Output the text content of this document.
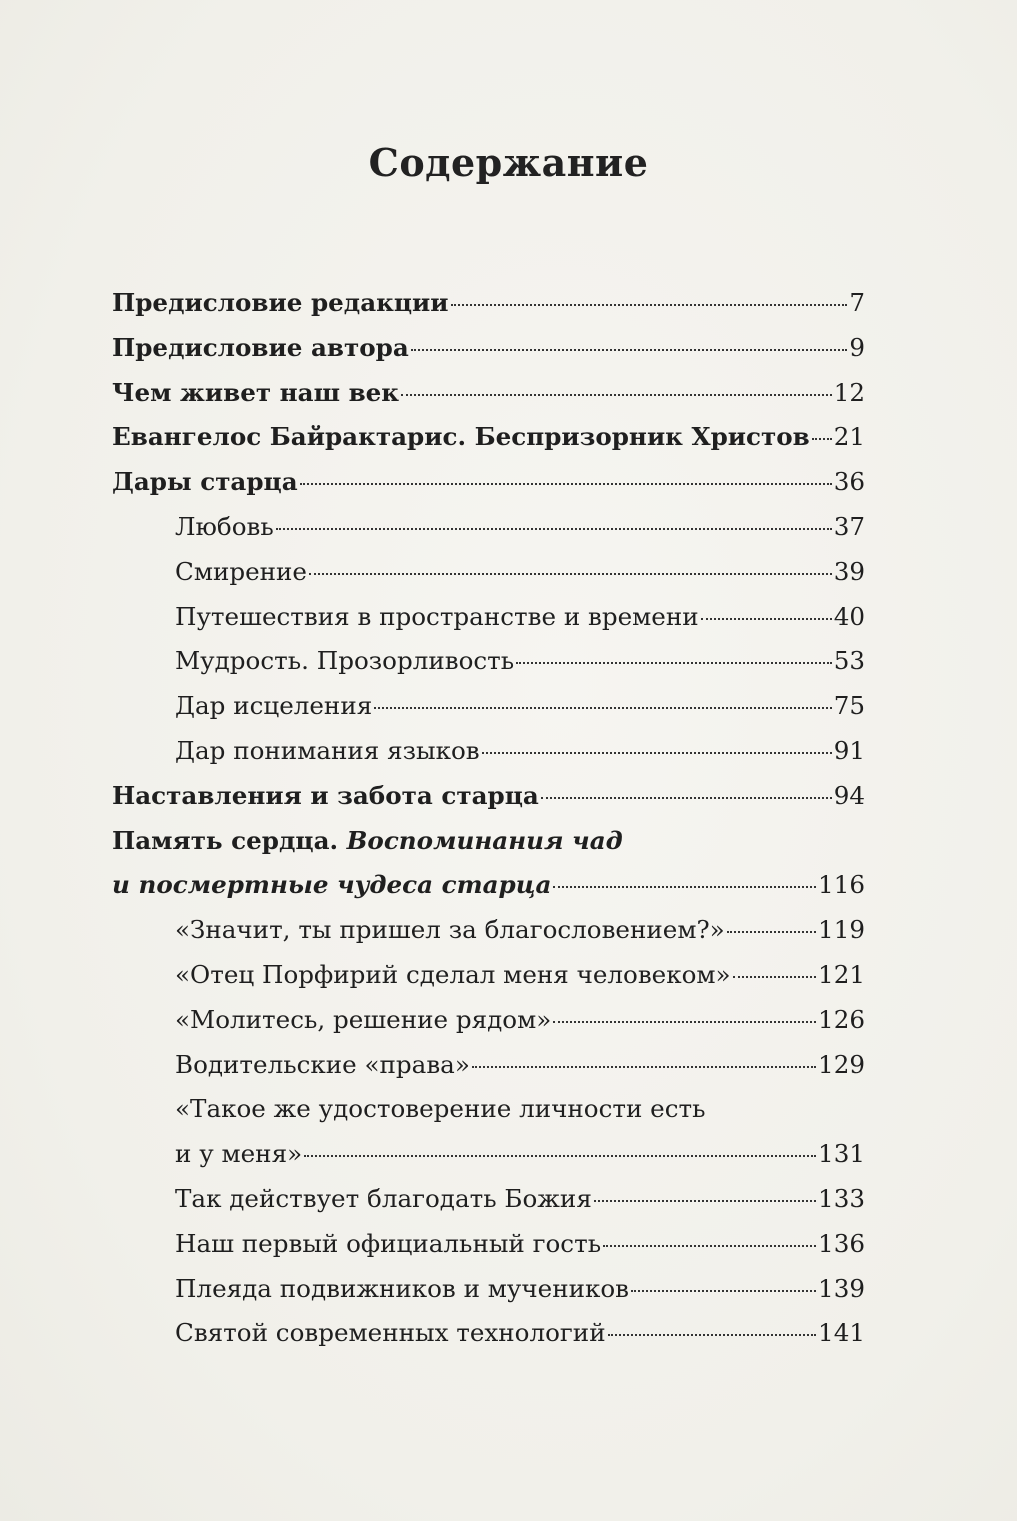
Содержание
Предисловие редакции	7
Предисловие автора	9
Чем живет наш век	12
Евангелос Байрактарис. Беспризорник Христов 21
Дары старца	36
Любовь	37
Смирение	39
Путешествия в пространстве и времени	40
Мудрость. Прозорливость	53
Дар исцеления	75
Дар понимания языков	91
Наставления и забота старца	94
Память сердца. Воспоминания чад
и посмертные чудеса старца	116
«Значит, ты пришел за благословением?»	119
«Отец Порфирий сделал меня человеком»	121
«Молитесь, решение рядом»	126
Водительские «права»	129
«Такое же удостоверение личности есть
и у меня»	131
Так действует благодать Божия	133
Наш первый официальный гость	136
Плеяда подвижников и мучеников	139
Святой современных технологий	141
